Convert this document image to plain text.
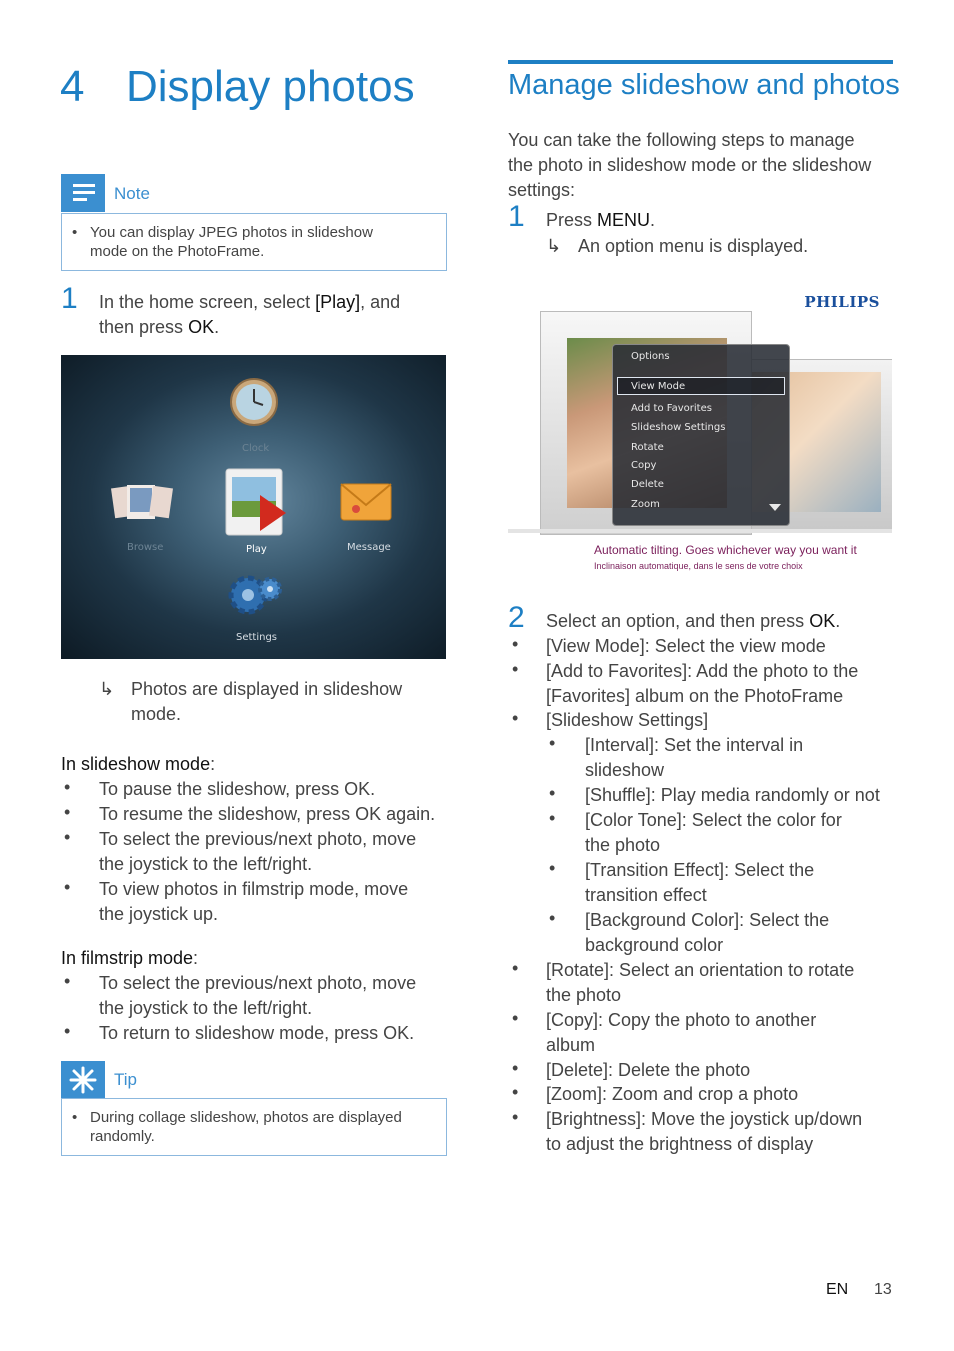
4 Display photos
Note
• You can display JPEG photos in slideshow
mode on the PhotoFrame.
1 In the home screen, select [Play], and
then press OK.
Clock
Browse	Play	Message
Settings
↳ Photos are displayed in slideshow
mode.
In slideshow mode:
• To pause the slideshow, press OK.
• To resume the slideshow, press OK again.
• To select the previous/next photo, move
the joystick to the left/right.
• To view photos in filmstrip mode, move
the joystick up.
In filmstrip mode:
• To select the previous/next photo, move
the joystick to the left/right.
• To return to slideshow mode, press OK.
Tip
• During collage slideshow, photos are displayed
randomly.
Manage slideshow and photos
You can take the following steps to manage
the photo in slideshow mode or the slideshow
settings:
1 Press MENU.
↳ An option menu is displayed.
PHILIPS
Options
View Mode
Add to Favorites
Slideshow Settings
Rotate
Copy
Delete
Zoom
Automatic tilting. Goes whichever way you want it
Inclinaison automatique, dans le sens de votre choix
2 Select an option, and then press OK.
• [View Mode]: Select the view mode
• [Add to Favorites]: Add the photo to the
[Favorites] album on the PhotoFrame
• [Slideshow Settings]
• [Interval]: Set the interval in
slideshow
• [Shuffle]: Play media randomly or not
• [Color Tone]: Select the color for
the photo
• [Transition Effect]: Select the
transition effect
• [Background Color]: Select the
background color
• [Rotate]: Select an orientation to rotate
the photo
• [Copy]: Copy the photo to another
album
• [Delete]: Delete the photo
• [Zoom]: Zoom and crop a photo
• [Brightness]: Move the joystick up/down
to adjust the brightness of display
EN 13
